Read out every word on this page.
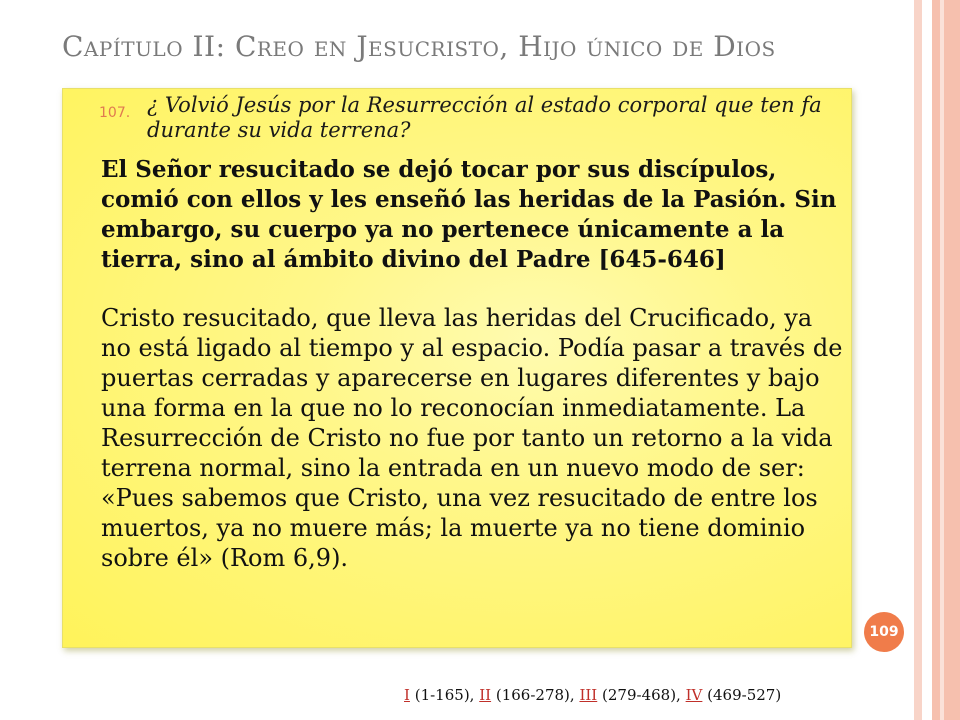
Capítulo II: Creo en Jesucristo, Hijo único de Dios
107. ¿ Volvió Jesús por la Resurrección al estado corporal que ten fa durante su vida terrena?
El Señor resucitado se dejó tocar por sus discípulos, comió con ellos y les enseñó las heridas de la Pasión. Sin embargo, su cuerpo ya no pertenece únicamente a la tierra, sino al ámbito divino del Padre [645-646]
Cristo resucitado, que lleva las heridas del Crucificado, ya no está ligado al tiempo y al espacio. Podía pasar a través de puertas cerradas y aparecerse en lugares diferentes y bajo una forma en la que no lo reconocían inmediatamente. La Resurrección de Cristo no fue por tanto un retorno a la vida terrena normal, sino la entrada en un nuevo modo de ser: «Pues sabemos que Cristo, una vez resucitado de entre los muertos, ya no muere más; la muerte ya no tiene dominio sobre él» (Rom 6,9).
109
I (1-165), II (166-278), III (279-468), IV (469-527)
